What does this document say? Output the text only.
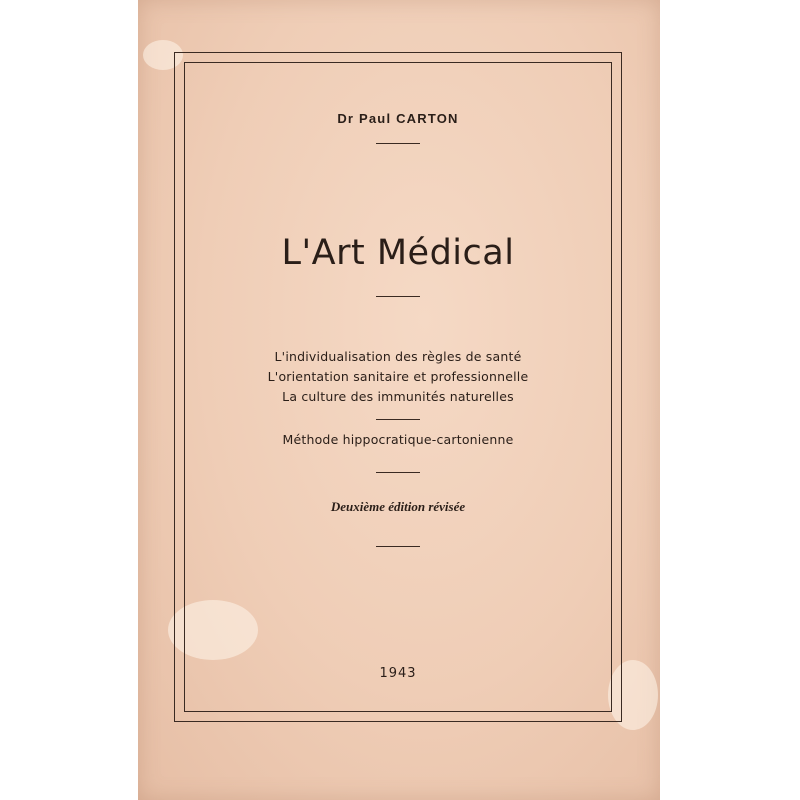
Dr Paul CARTON
L'Art Médical
L'individualisation des règles de santé
L'orientation sanitaire et professionnelle
La culture des immunités naturelles
Méthode hippocratique-cartonienne
Deuxième édition révisée
1943
